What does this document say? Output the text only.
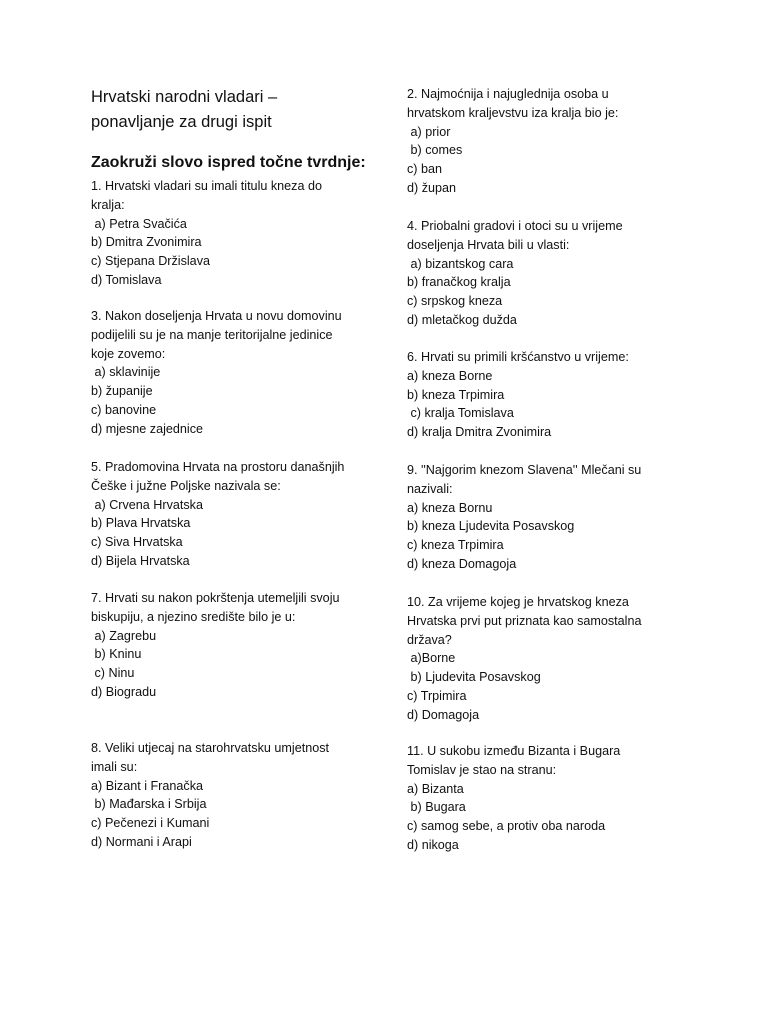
Hrvatski narodni vladari –
ponavljanje za drugi ispit
Zaokruži slovo ispred točne tvrdnje:
1. Hrvatski vladari su imali titulu kneza do
kralja:
a) Petra Svačića
b) Dmitra Zvonimira
c) Stjepana Držislava
d) Tomislava
3. Nakon doseljenja Hrvata u novu domovinu
podijelili su je na manje teritorijalne jedinice
koje zovemo:
a) sklavinije
b) županije
c) banovine
d) mjesne zajednice
5. Pradomovina Hrvata na prostoru današnjih
Češke i južne Poljske nazivala se:
a) Crvena Hrvatska
b) Plava Hrvatska
c) Siva Hrvatska
d) Bijela Hrvatska
7. Hrvati su nakon pokrštenja utemeljili svoju
biskupiju, a njezino središte bilo je u:
a) Zagrebu
b) Kninu
c) Ninu
d) Biogradu
8. Veliki utjecaj na starohrvatsku umjetnost
imali su:
a) Bizant i Franačka
b) Mađarska i Srbija
c) Pečenezi i Kumani
d) Normani i Arapi
2. Najmoćnija i najuglednija osoba u
hrvatskom kraljevstvu iza kralja bio je:
a) prior
b) comes
c) ban
d) župan
4. Priobalni gradovi i otoci su u vrijeme
doseljenja Hrvata bili u vlasti:
a) bizantskog cara
b) franačkog kralja
c) srpskog kneza
d) mletačkog dužda
6. Hrvati su primili kršćanstvo u vrijeme:
a) kneza Borne
b) kneza Trpimira
c) kralja Tomislava
d) kralja Dmitra Zvonimira
9. ''Najgorim knezom Slavena'' Mlečani su
nazivali:
a) kneza Bornu
b) kneza Ljudevita Posavskog
c) kneza Trpimira
d) kneza Domagoja
10. Za vrijeme kojeg je hrvatskog kneza
Hrvatska prvi put priznata kao samostalna
država?
a)Borne
b) Ljudevita Posavskog
c) Trpimira
d) Domagoja
11. U sukobu između Bizanta i Bugara
Tomislav je stao na stranu:
a) Bizanta
b) Bugara
c) samog sebe, a protiv oba naroda
d) nikoga
